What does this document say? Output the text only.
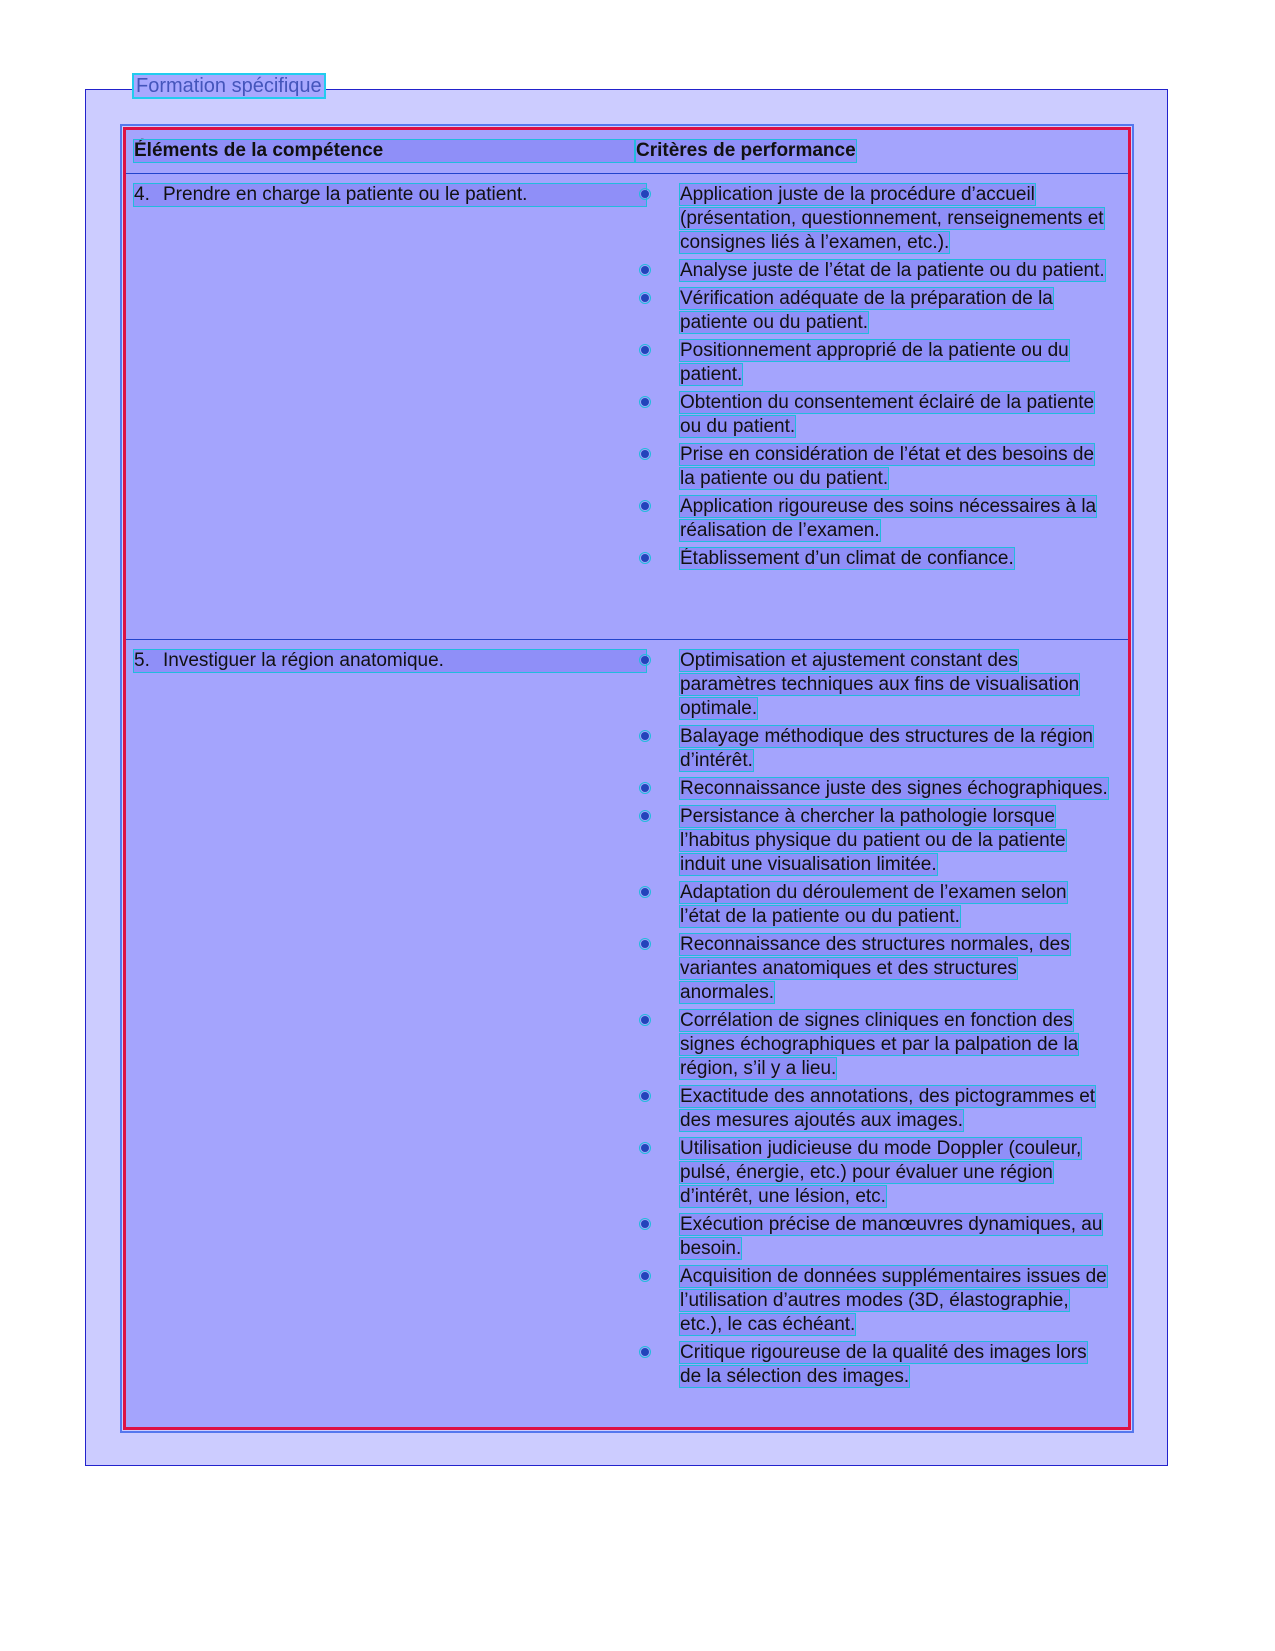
Formation spécifique
Éléments de la compétence	Critères de performance
4. Prendre en charge la patiente ou le patient.	Application juste de la procédure d’accueil (présentation, questionnement, renseignements et consignes liés à l’examen, etc.).
Analyse juste de l’état de la patiente ou du patient.
Vérification adéquate de la préparation de la patiente ou du patient.
Positionnement approprié de la patiente ou du patient.
Obtention du consentement éclairé de la patiente ou du patient.
Prise en considération de l’état et des besoins de la patiente ou du patient.
Application rigoureuse des soins nécessaires à la réalisation de l’examen.
Établissement d’un climat de confiance.
5. Investiguer la région anatomique.	Optimisation et ajustement constant des paramètres techniques aux fins de visualisation optimale.
Balayage méthodique des structures de la région d’intérêt.
Reconnaissance juste des signes échographiques.
Persistance à chercher la pathologie lorsque l’habitus physique du patient ou de la patiente induit une visualisation limitée.
Adaptation du déroulement de l’examen selon l’état de la patiente ou du patient.
Reconnaissance des structures normales, des variantes anatomiques et des structures anormales.
Corrélation de signes cliniques en fonction des signes échographiques et par la palpation de la région, s’il y a lieu.
Exactitude des annotations, des pictogrammes et des mesures ajoutés aux images.
Utilisation judicieuse du mode Doppler (couleur, pulsé, énergie, etc.) pour évaluer une région d’intérêt, une lésion, etc.
Exécution précise de manœuvres dynamiques, au besoin.
Acquisition de données supplémentaires issues de l’utilisation d’autres modes (3D, élastographie, etc.), le cas échéant.
Critique rigoureuse de la qualité des images lors de la sélection des images.
